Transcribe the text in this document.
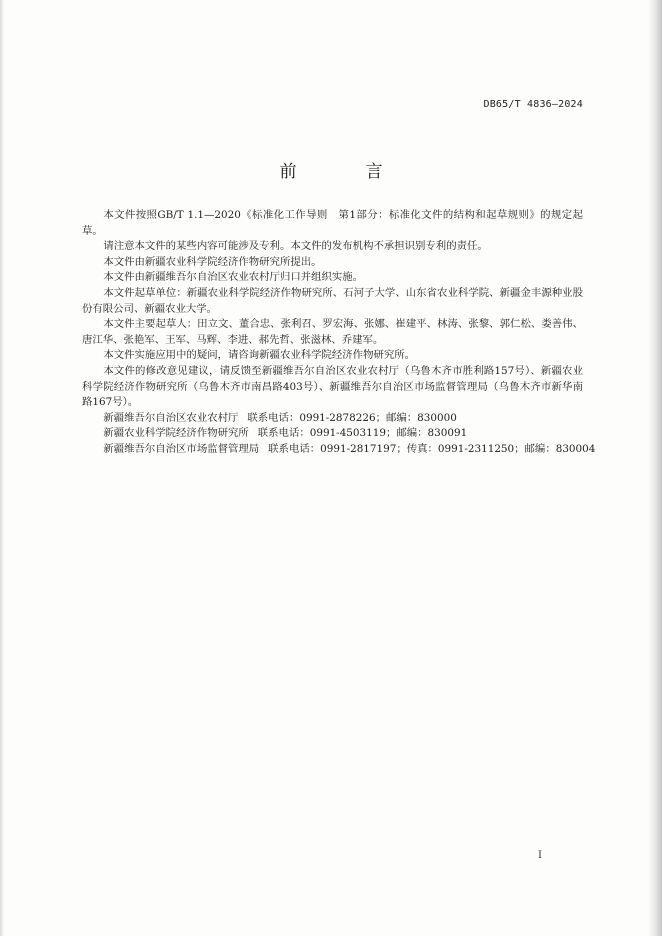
DB65/T 4836—2024
前　言

本文件按照GB/T 1.1—2020《标准化工作导则　第1部分：标准化文件的结构和起草规则》的规定起草。

请注意本文件的某些内容可能涉及专利。本文件的发布机构不承担识别专利的责任。

本文件由新疆农业科学院经济作物研究所提出。

本文件由新疆维吾尔自治区农业农村厅归口并组织实施。

本文件起草单位：新疆农业科学院经济作物研究所、石河子大学、山东省农业科学院、新疆金丰源种业股份有限公司、新疆农业大学。

本文件主要起草人：田立文、董合忠、张利召、罗宏海、张娜、崔建平、林涛、张黎、郭仁松、娄善伟、唐江华、张艳军、王军、马辉、李进、郝先哲、张滋林、乔建军。

本文件实施应用中的疑问，请咨询新疆农业科学院经济作物研究所。

本文件的修改意见建议，请反馈至新疆维吾尔自治区农业农村厅（乌鲁木齐市胜利路157号）、新疆农业科学院经济作物研究所（乌鲁木齐市南昌路403号）、新疆维吾尔自治区市场监督管理局（乌鲁木齐市新华南路167号）。

新疆维吾尔自治区农业农村厅 联系电话：0991-2878226；邮编：830000

新疆农业科学院经济作物研究所 联系电话：0991-4503119；邮编：830091

新疆维吾尔自治区市场监督管理局 联系电话：0991-2817197；传真：0991-2311250；邮编：830004

I
